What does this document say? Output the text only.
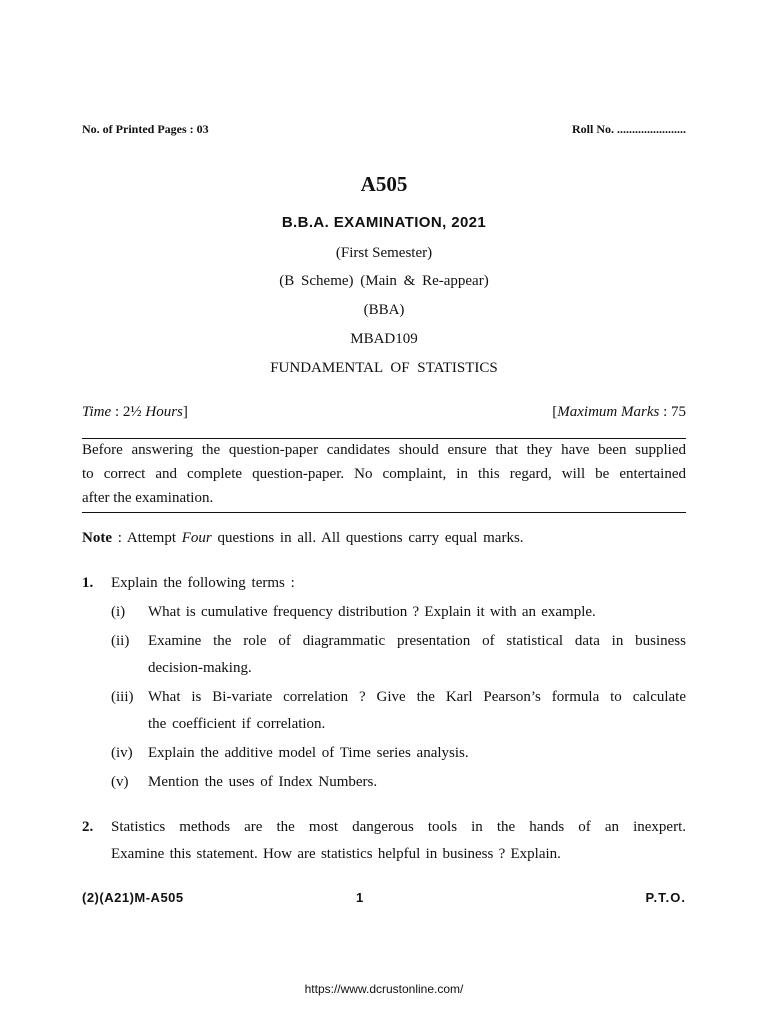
No. of Printed Pages : 03	Roll No. .......................
A505
B.B.A. EXAMINATION, 2021
(First Semester)
(B Scheme) (Main & Re-appear)
(BBA)
MBAD109
FUNDAMENTAL OF STATISTICS
Time : 2½ Hours]	[Maximum Marks : 75
Before answering the question-paper candidates should ensure that they have been supplied
to correct and complete question-paper. No complaint, in this regard, will be entertained
after the examination.
Note : Attempt Four questions in all. All questions carry equal marks.
1. Explain the following terms :
(i) What is cumulative frequency distribution ? Explain it with an example.
(ii) Examine the role of diagrammatic presentation of statistical data in business
decision-making.
(iii) What is Bi-variate correlation ? Give the Karl Pearson’s formula to calculate
the coefficient if correlation.
(iv) Explain the additive model of Time series analysis.
(v) Mention the uses of Index Numbers.
2. Statistics methods are the most dangerous tools in the hands of an inexpert.
Examine this statement. How are statistics helpful in business ? Explain.
(2)(A21)M-A505	1	P.T.O.
https://www.dcrustonline.com/
